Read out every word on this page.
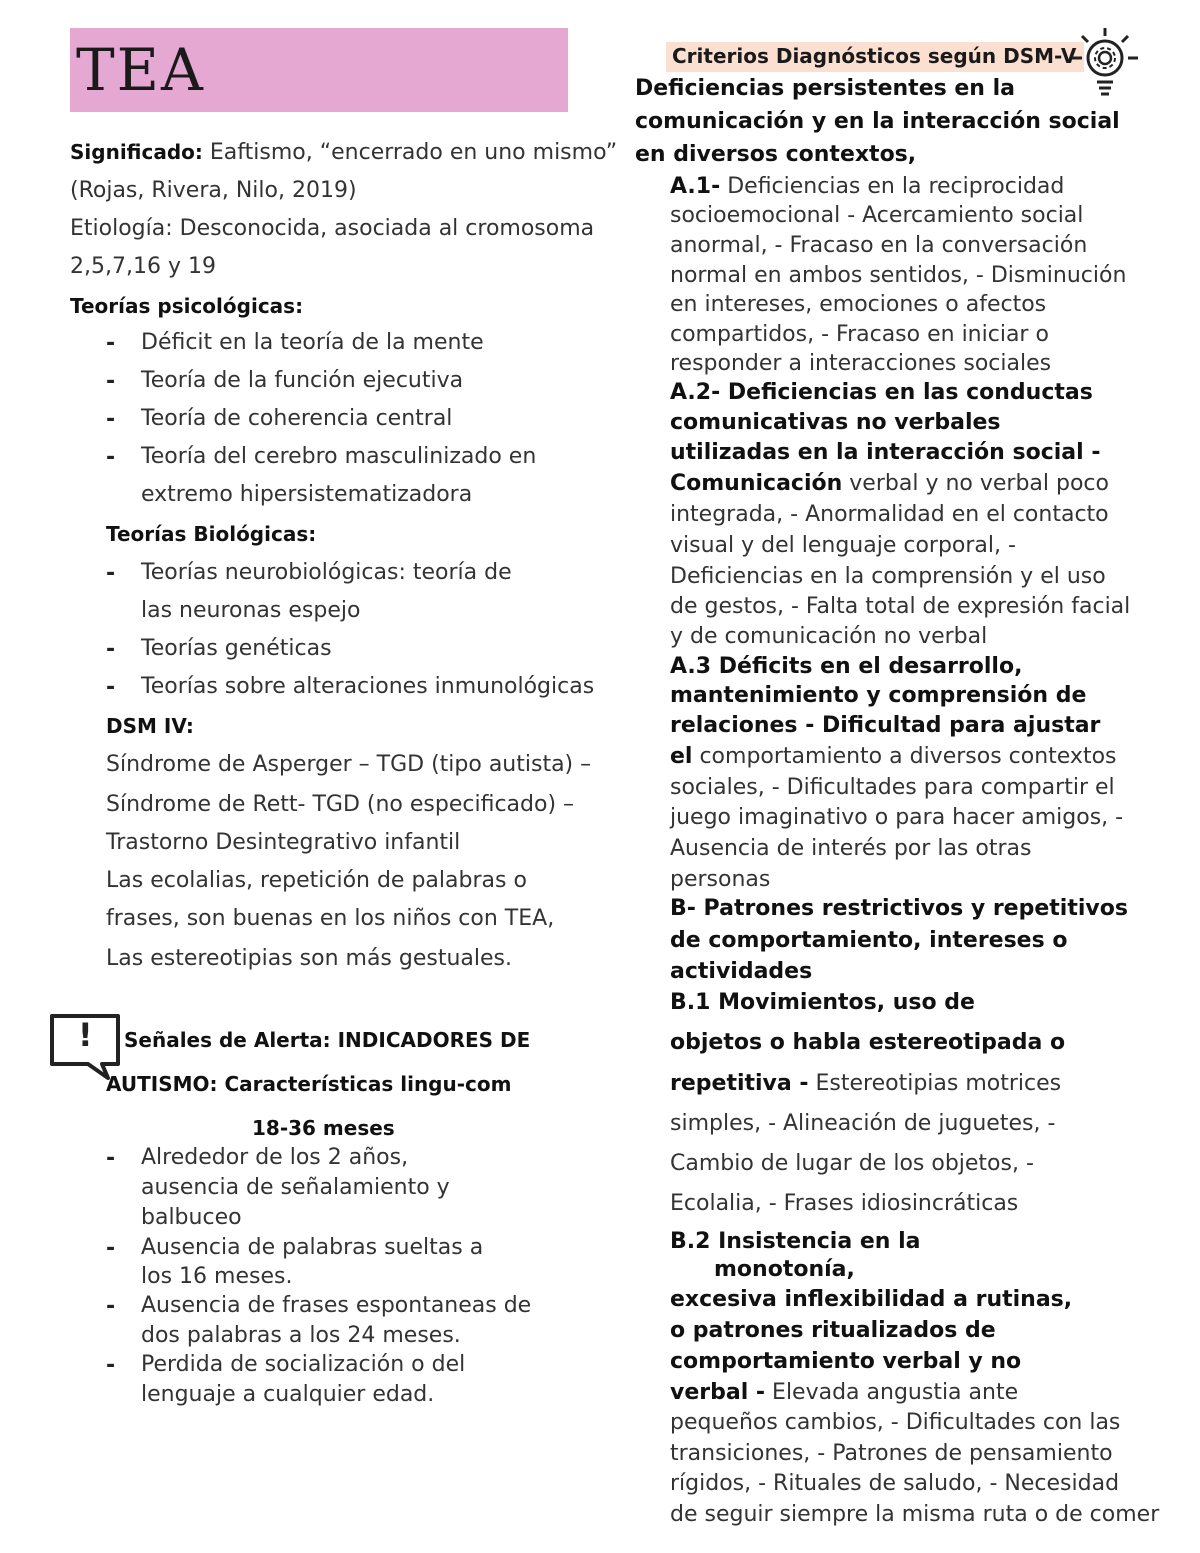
TEA
Significado: Eaftismo, “encerrado en uno mismo”
(Rojas, Rivera, Nilo, 2019)
Etiología: Desconocida, asociada al cromosoma
2,5,7,16 y 19
Teorías psicológicas:
- Déficit en la teoría de la mente
- Teoría de la función ejecutiva
- Teoría de coherencia central
- Teoría del cerebro masculinizado en
extremo hipersistematizadora
Teorías Biológicas:
- Teorías neurobiológicas: teoría de
las neuronas espejo
- Teorías genéticas
- Teorías sobre alteraciones inmunológicas
DSM IV:
Síndrome de Asperger – TGD (tipo autista) –
Síndrome de Rett- TGD (no especificado) –
Trastorno Desintegrativo infantil
Las ecolalias, repetición de palabras o
frases, son buenas en los niños con TEA,
Las estereotipias son más gestuales.
! Señales de Alerta: INDICADORES DE
AUTISMO: Características lingu-com
18-36 meses
- Alrededor de los 2 años,
ausencia de señalamiento y
balbuceo
- Ausencia de palabras sueltas a
los 16 meses.
- Ausencia de frases espontaneas de
dos palabras a los 24 meses.
- Perdida de socialización o del
lenguaje a cualquier edad.
Criterios Diagnósticos según DSM-V
Deficiencias persistentes en la
comunicación y en la interacción social
en diversos contextos,
A.1- Deficiencias en la reciprocidad
socioemocional - Acercamiento social
anormal, - Fracaso en la conversación
normal en ambos sentidos, - Disminución
en intereses, emociones o afectos
compartidos, - Fracaso en iniciar o
responder a interacciones sociales
A.2- Deficiencias en las conductas
comunicativas no verbales
utilizadas en la interacción social -
Comunicación verbal y no verbal poco
integrada, - Anormalidad en el contacto
visual y del lenguaje corporal, -
Deficiencias en la comprensión y el uso
de gestos, - Falta total de expresión facial
y de comunicación no verbal
A.3 Déficits en el desarrollo,
mantenimiento y comprensión de
relaciones - Dificultad para ajustar
el comportamiento a diversos contextos
sociales, - Dificultades para compartir el
juego imaginativo o para hacer amigos, -
Ausencia de interés por las otras
personas
B- Patrones restrictivos y repetitivos
de comportamiento, intereses o
actividades
B.1 Movimientos, uso de
objetos o habla estereotipada o
repetitiva - Estereotipias motrices
simples, - Alineación de juguetes, -
Cambio de lugar de los objetos, -
Ecolalia, - Frases idiosincráticas
B.2 Insistencia en la
monotonía,
excesiva inflexibilidad a rutinas,
o patrones ritualizados de
comportamiento verbal y no
verbal - Elevada angustia ante
pequeños cambios, - Dificultades con las
transiciones, - Patrones de pensamiento
rígidos, - Rituales de saludo, - Necesidad
de seguir siempre la misma ruta o de comer
